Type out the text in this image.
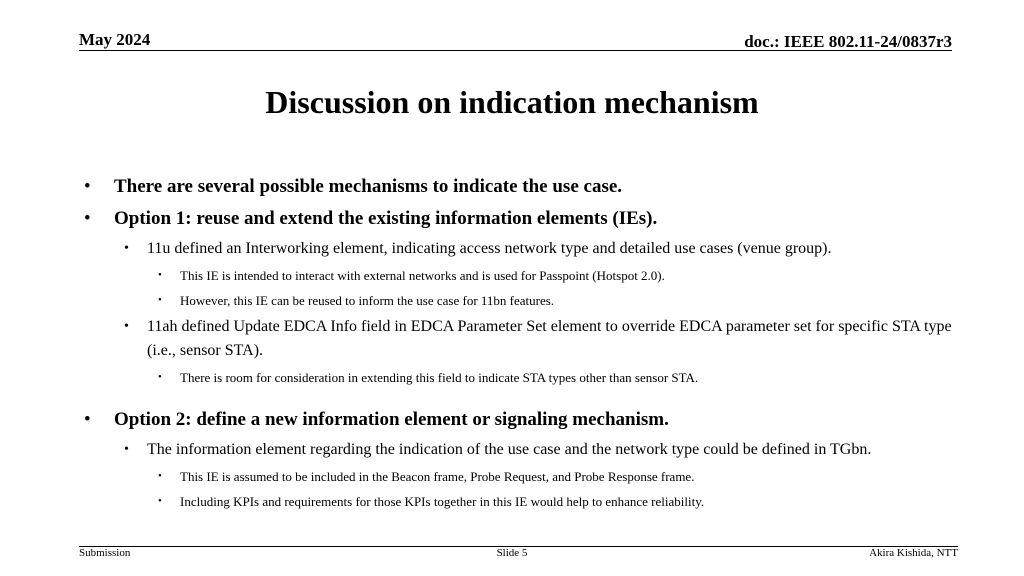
May 2024	doc.: IEEE 802.11-24/0837r3
Discussion on indication mechanism
• There are several possible mechanisms to indicate the use case.
• Option 1: reuse and extend the existing information elements (IEs).
• 11u defined an Interworking element, indicating access network type and detailed use cases (venue group).
• This IE is intended to interact with external networks and is used for Passpoint (Hotspot 2.0).
• However, this IE can be reused to inform the use case for 11bn features.
• 11ah defined Update EDCA Info field in EDCA Parameter Set element to override EDCA parameter set for specific STA type (i.e., sensor STA).
• There is room for consideration in extending this field to indicate STA types other than sensor STA.
• Option 2: define a new information element or signaling mechanism.
• The information element regarding the indication of the use case and the network type could be defined in TGbn.
• This IE is assumed to be included in the Beacon frame, Probe Request, and Probe Response frame.
• Including KPIs and requirements for those KPIs together in this IE would help to enhance reliability.
Submission	Slide 5	Akira Kishida, NTT
